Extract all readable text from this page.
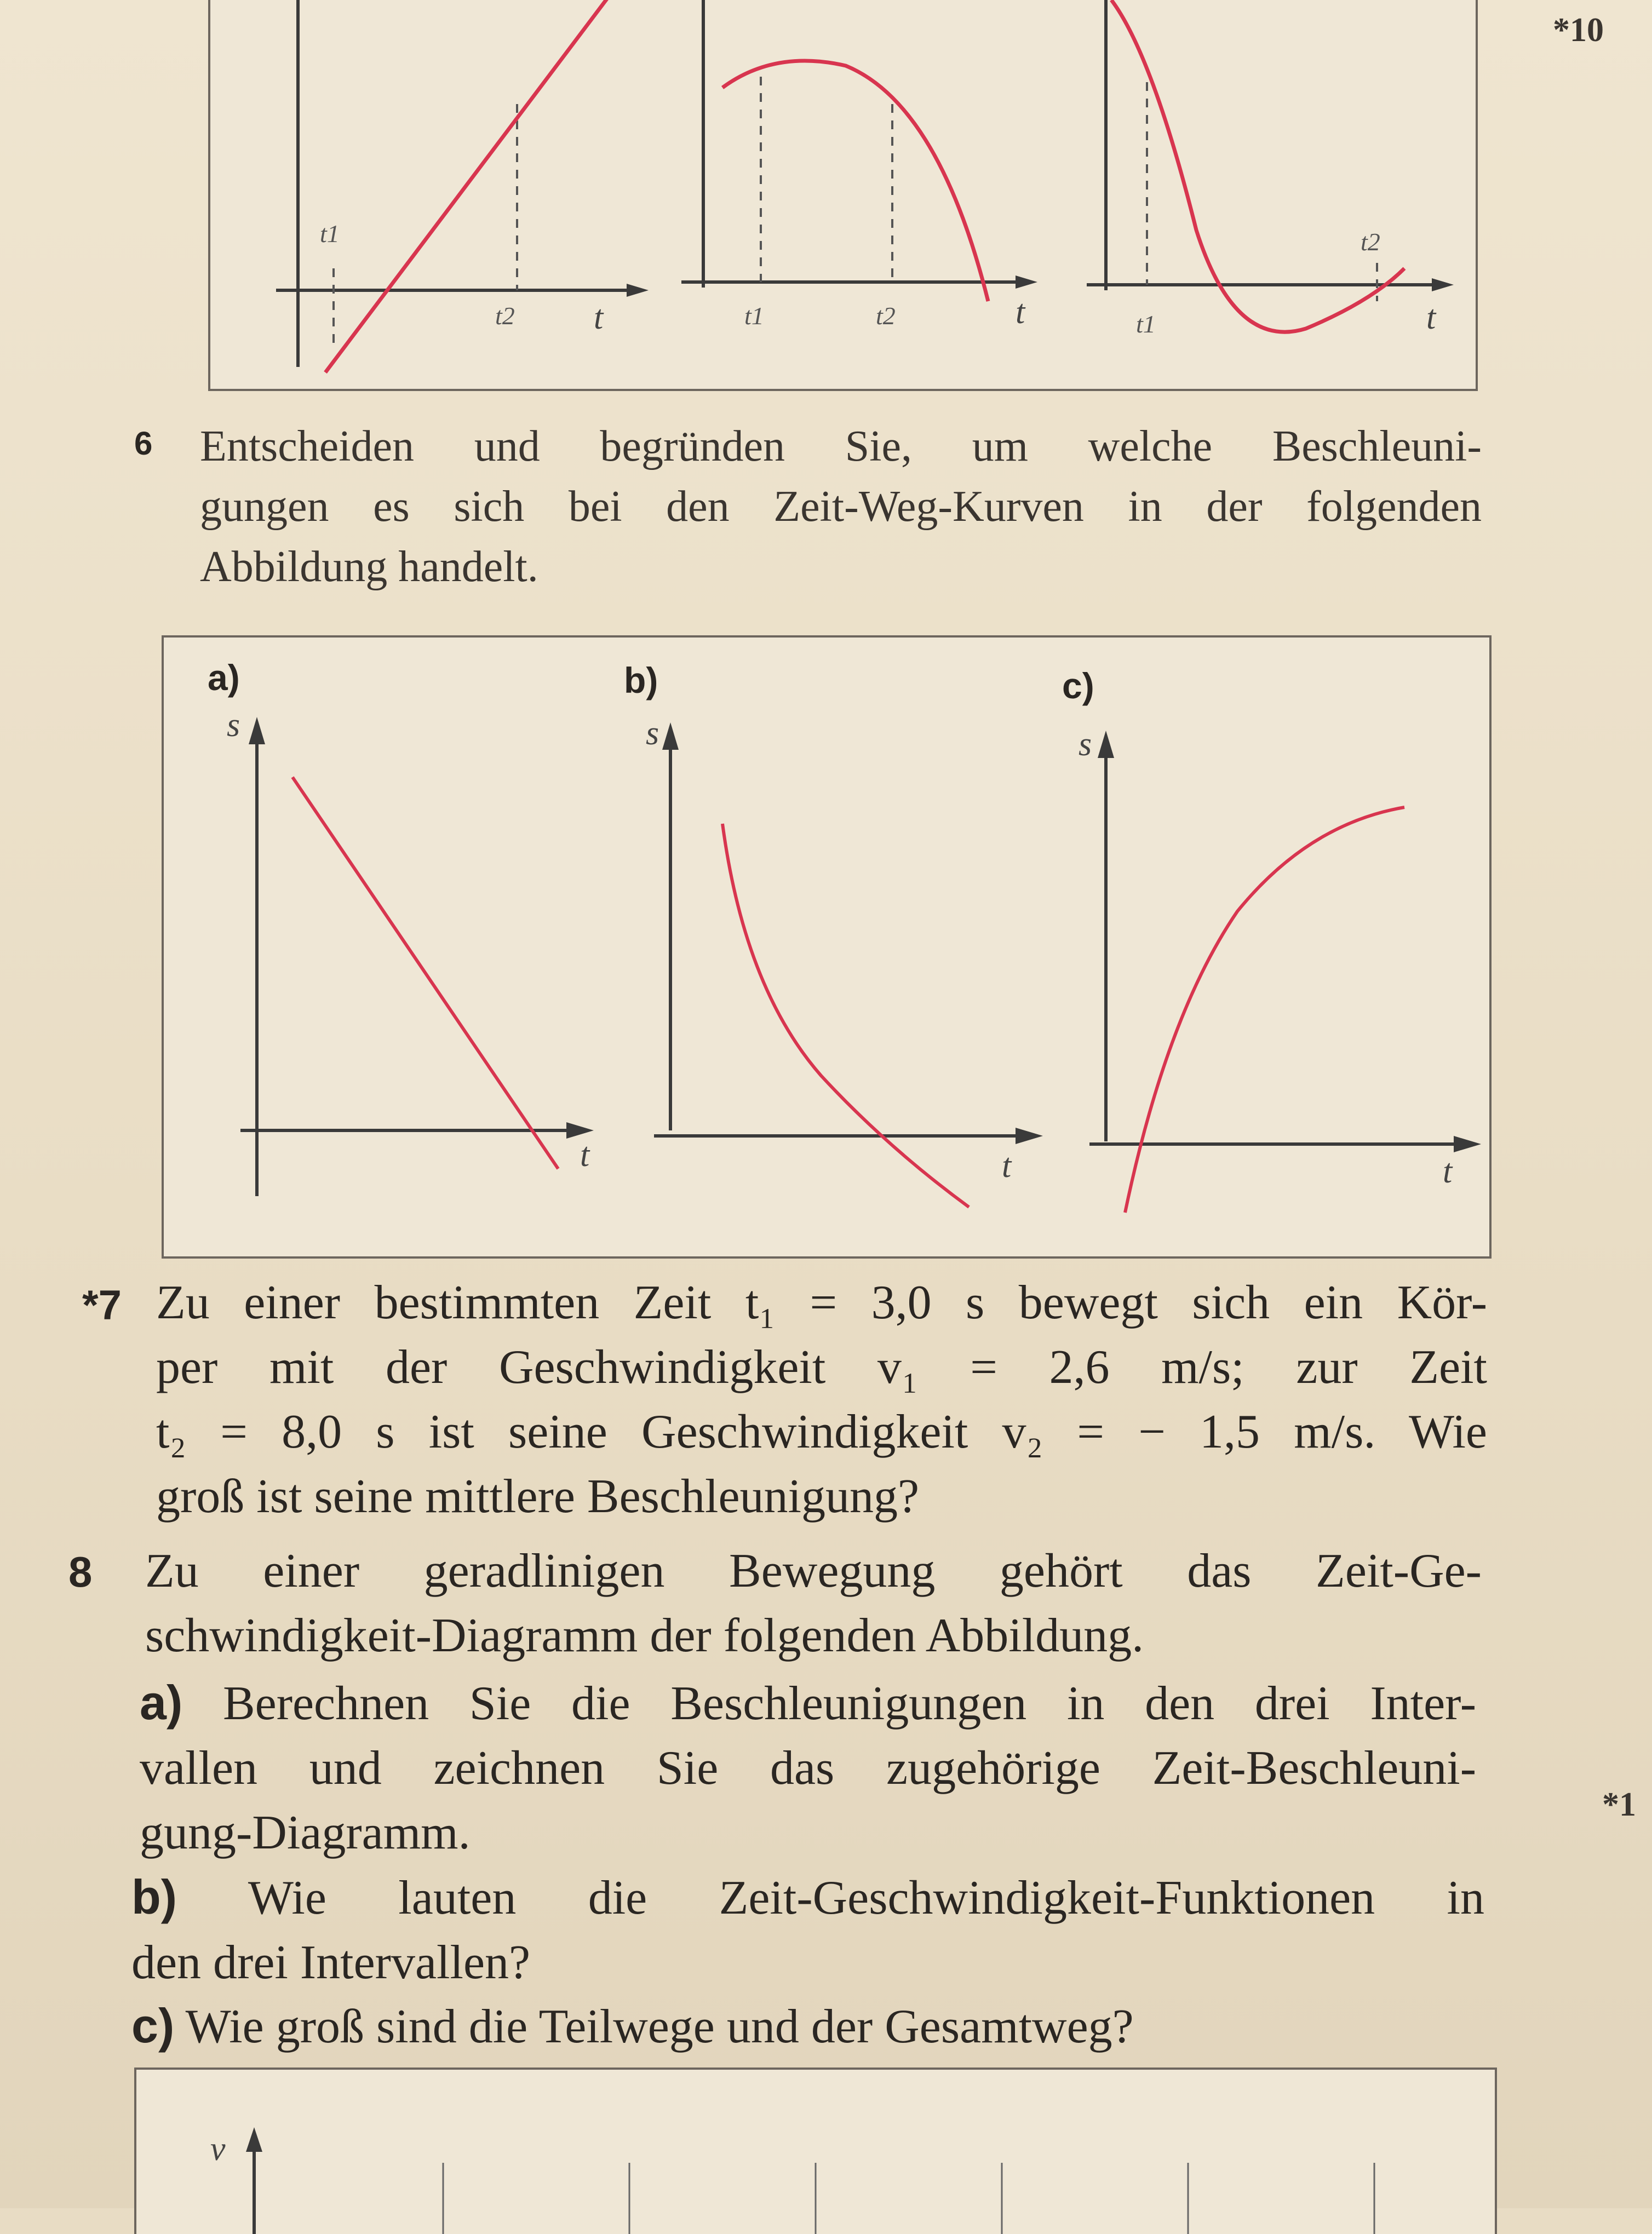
*10
*1
t1
t2 t	t1	t2	t	t1
t2
t
6 Entscheiden und begründen Sie, um welche Beschleuni-
gungen es sich bei den Zeit-Weg-Kurven in der folgenden
Abbildung handelt.
a)
s
t
b)
s
t
c)
s
t
*7 Zu einer bestimmten Zeit t₁ = 3,0 s bewegt sich ein Kör-
per mit der Geschwindigkeit v₁ = 2,6 m/s; zur Zeit
t₂ = 8,0 s ist seine Geschwindigkeit v₂ = − 1,5 m/s. Wie
groß ist seine mittlere Beschleunigung?
8 Zu einer geradlinigen Bewegung gehört das Zeit-Ge-
schwindigkeit-Diagramm der folgenden Abbildung.
a) Berechnen Sie die Beschleunigungen in den drei Inter-
vallen und zeichnen Sie das zugehörige Zeit-Beschleuni-
gung-Diagramm.
b) Wie lauten die Zeit-Geschwindigkeit-Funktionen in
den drei Intervallen?
c) Wie groß sind die Teilwege und der Gesamtweg?
v
